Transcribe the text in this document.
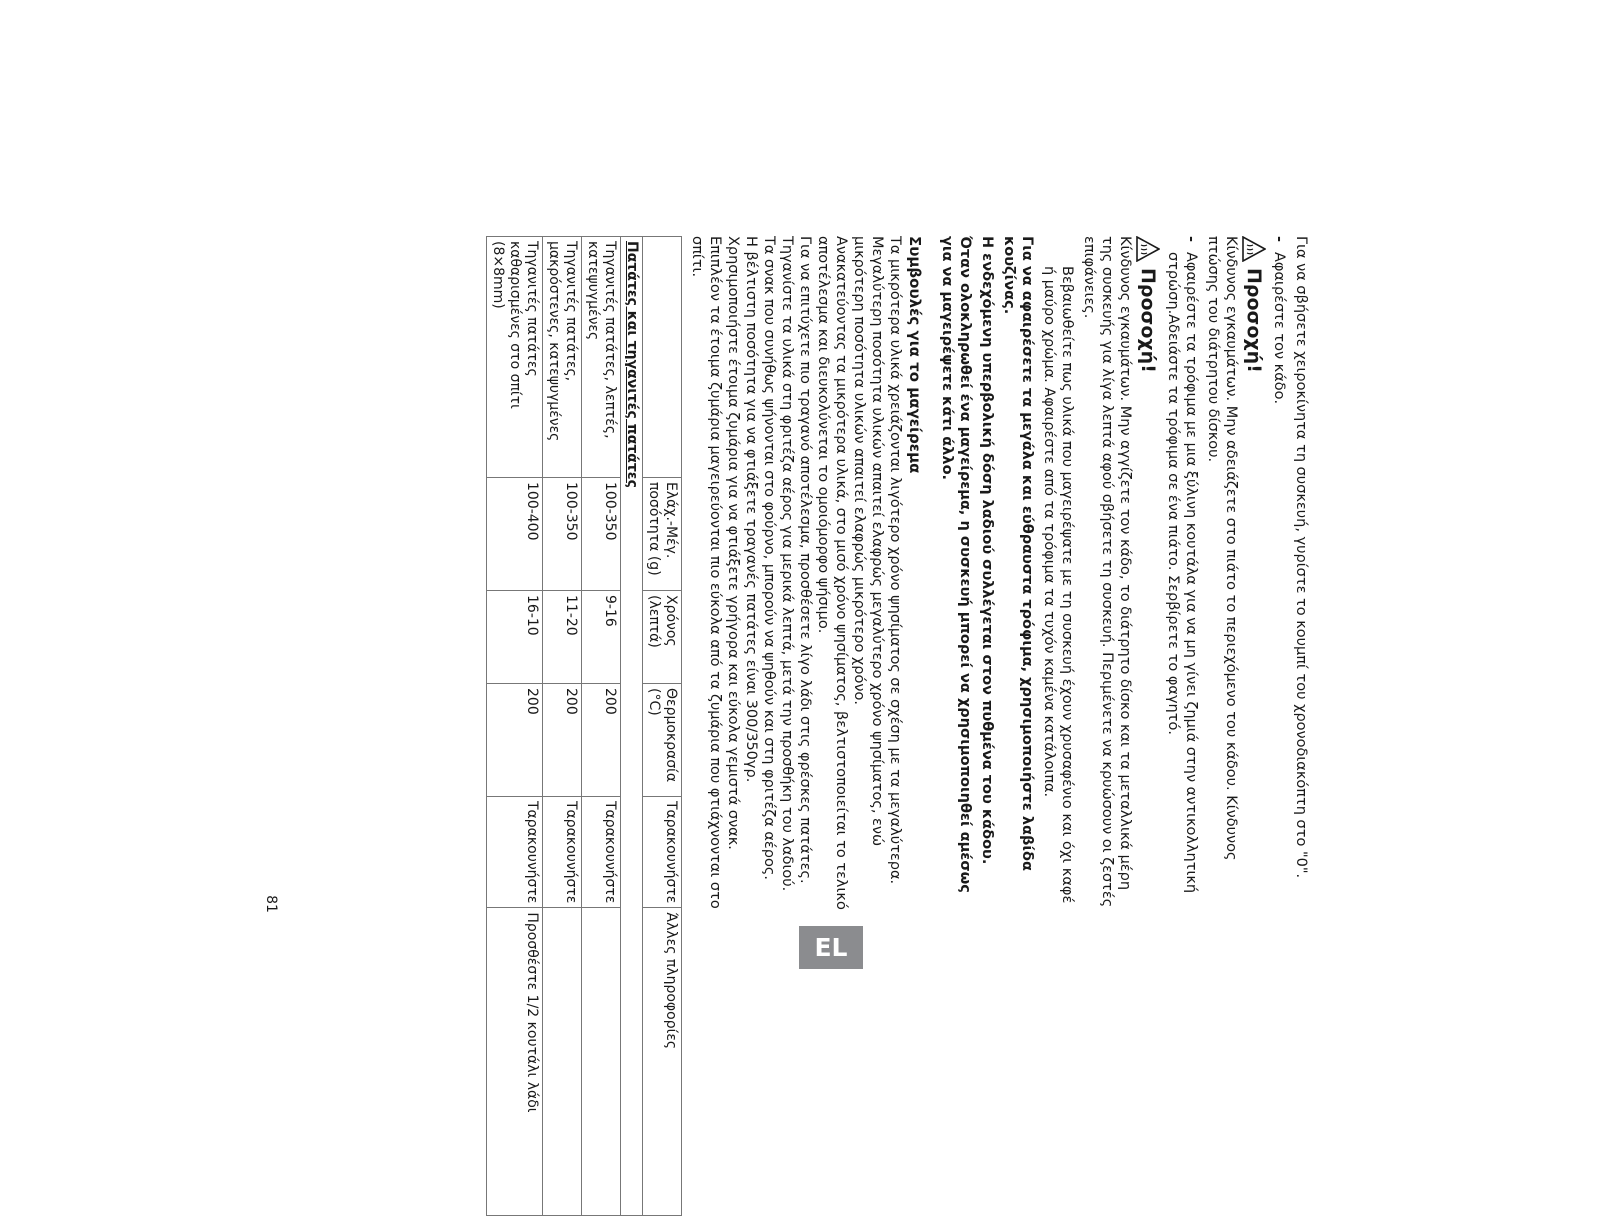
Για να σβήσετε χειροκίνητα τη συσκευή, γυρίστε το κουμπί του χρονοδιακόπτη στο "0".

-
Αφαιρέστε τον κάδο.
Προσοχή!

Κίνδυνος εγκαυμάτων. Μην αδειάζετε στο πιάτο το περιεχόμενο του κάδου. Κίνδυνος πτώσης του διάτρητου δίσκου.

-
Αφαιρέστε τα τρόφιμα με μια ξύλινη κουτάλα για να μη γίνει ζημιά στην αντικολλητική στρώση.Αδειάστε τα τρόφιμα σε ένα πιάτο. Σερβίρετε το φαγητό.
Προσοχή!

Κίνδυνος εγκαυμάτων. Μην αγγίζετε τον κάδο, το διάτρητο δίσκο και τα μεταλλικά μέρη της συσκευής για λίγα λεπτά αφού σβήσετε τη συσκευή. Περιμένετε να κρυώσουν οι ζεστές επιφάνειες.

Βεβαιωθείτε πως υλικά που μαγειρέψατε με τη συσκευή έχουν χρυσαφένιο και όχι καφέ ή μαύρο χρώμα. Αφαιρέστε από τα τρόφιμα τα τυχόν καμένα κατάλοιπα.

Για να αφαιρέσετε τα μεγάλα και εύθραυστα τρόφιμα, χρησιμοποιήστε λαβίδα κουζίνας.

Η ενδεχόμενη υπερβολική δόση λαδιού συλλέγεται στον πυθμένα του κάδου.

Όταν ολοκληρωθεί ένα μαγείρεμα, η συσκευή μπορεί να χρησιμοποιηθεί αμέσως για να μαγειρέψετε κάτι άλλο.

Συμβουλές για το μαγείρεμα

Τα μικρότερα υλικά χρειάζονται λιγότερο χρόνο ψησίματος σε σχέση με τα μεγαλύτερα.

Μεγαλύτερη ποσότητα υλικών απαιτεί ελαφρώς μεγαλύτερο χρόνο ψησίματος, ενώ μικρότερη ποσότητα υλικών απαιτεί ελαφρώς μικρότερο χρόνο.

Ανακατεύοντας τα μικρότερα υλικά, στο μισό χρόνο ψησίματος, βελτιστοποιείται το τελικό αποτέλεσμα και διευκολύνεται το ομοιόμορφο ψήσιμο.

Για να επιτύχετε πιο τραγανό αποτέλεσμα, προσθέσετε λίγο λάδι στις φρέσκες πατάτες. Τηγανίστε τα υλικά στη φριτέζα αέρος για μερικά λεπτά, μετά την προσθήκη του λαδιού.

Τα σνακ που συνήθως ψήνονται στο φούρνο, μπορούν να ψηθούν και στη φριτέζα αέρος.

Η βέλτιστη ποσότητα για να φτιάξετε τραγανές πατάτες είναι 300/350γρ.

Χρησιμοποιήστε έτοιμα ζυμάρια για να φτιάξετε γρήγορα και εύκολα γεμιστά σνακ. Επιπλέον τα έτοιμα ζυμάρια μαγειρεύονται πιο εύκολα από τα ζυμάρια που φτιάχνονται στο σπίτι.

	Ελάχ.-Μέγ. ποσότητα (g)	Χρόνος (λεπτά)	Θερμοκρασία (°C)	Ταρακουνήστε	Άλλες πληροφορίες
Πατάτες και τηγανιτές πατάτες					
Τηγανιτές πατάτες, λεπτές, κατεψυγμένες	100-350	9-16	200	Ταρακουνήστε	
Τηγανιτές πατάτες, μακρόστενες, κατεψυγμένες	100-350	11-20	200	Ταρακουνήστε	
Τηγανιτές πατάτες καθαρισμένες στο σπίτι (8×8mm)	100-400	16-10	200	Ταρακουνήστε	Προσθέστε 1/2 κουτάλι λάδι	EL
81
